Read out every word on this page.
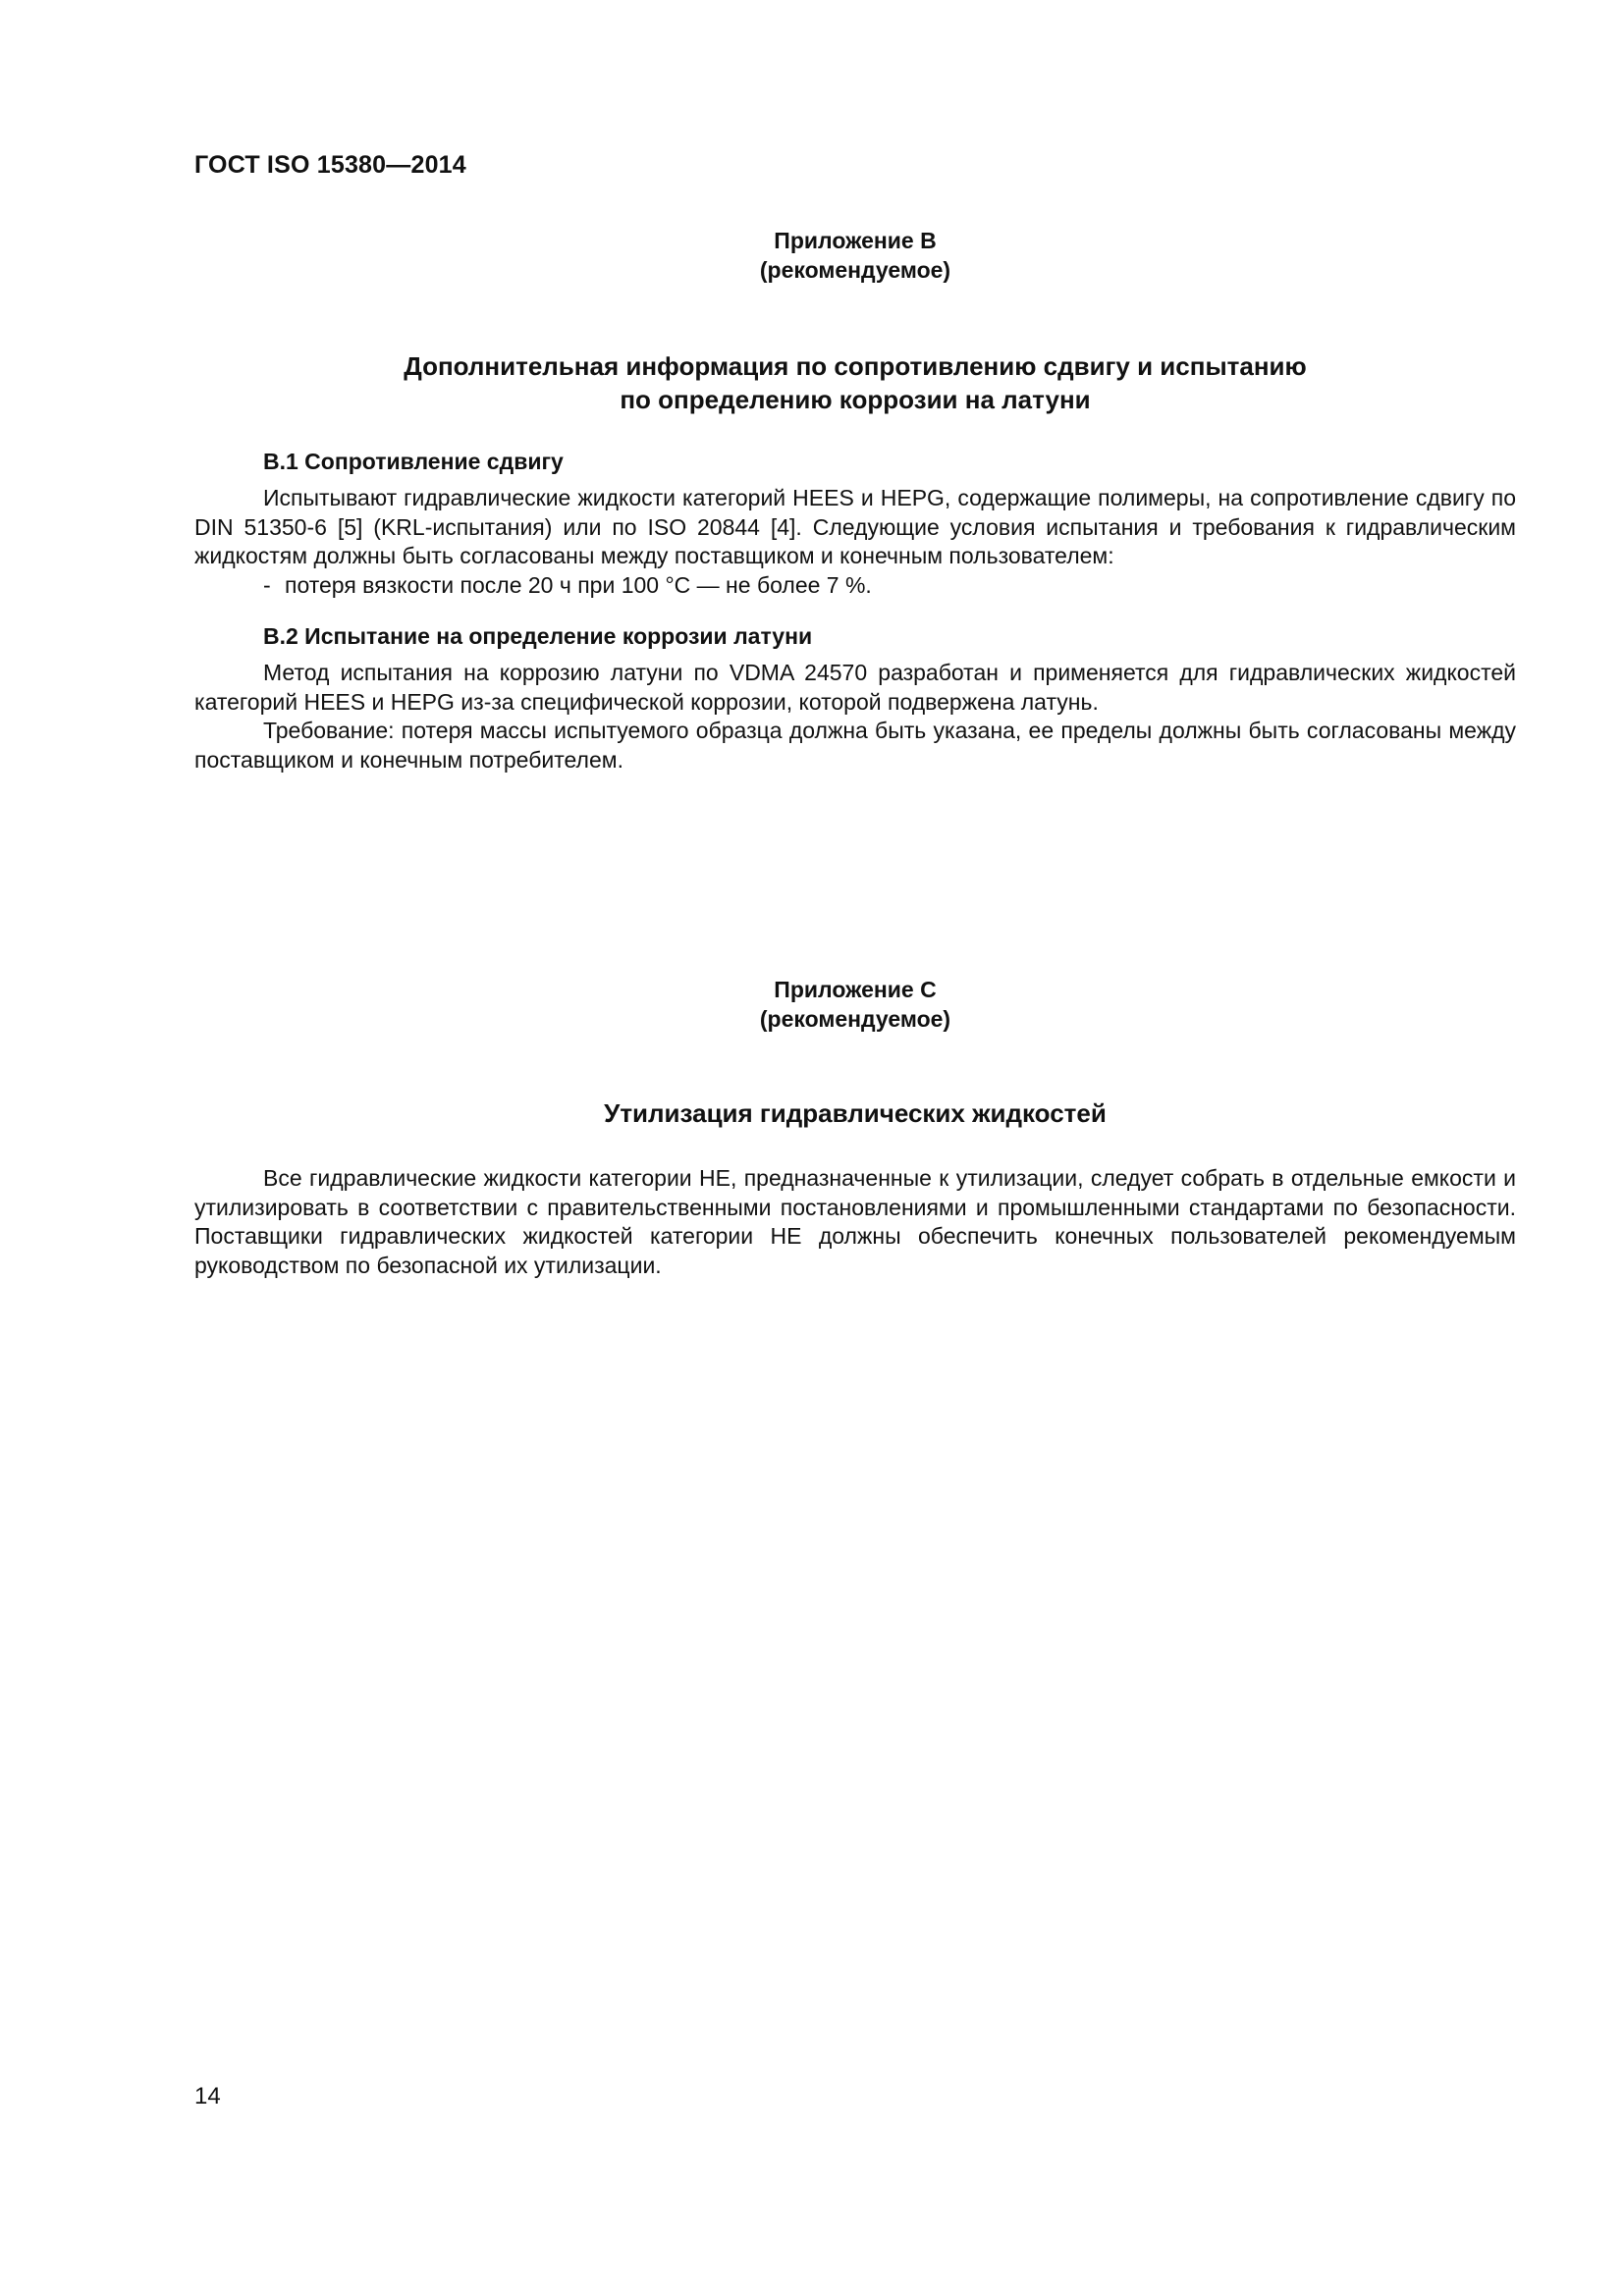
ГОСТ ISO 15380—2014
Приложение В
(рекомендуемое)
Дополнительная информация по сопротивлению сдвигу и испытанию
по определению коррозии на латуни

В.1 Сопротивление сдвигу

Испытывают гидравлические жидкости категорий HEES и HEPG, содержащие полимеры, на сопротивление сдвигу по DIN 51350-6 [5] (KRL-испытания) или по ISO 20844 [4]. Следующие условия испытания и требования к гидравлическим жидкостям должны быть согласованы между поставщиком и конечным пользователем:

- потеря вязкости после 20 ч при 100 °С — не более 7 %.

В.2 Испытание на определение коррозии латуни

Метод испытания на коррозию латуни по VDMA 24570 разработан и применяется для гидравлических жидкостей категорий HEES и HEPG из-за специфической коррозии, которой подвержена латунь.

Требование: потеря массы испытуемого образца должна быть указана, ее пределы должны быть согласованы между поставщиком и конечным потребителем.

Приложение С
(рекомендуемое)
Утилизация гидравлических жидкостей

Все гидравлические жидкости категории НЕ, предназначенные к утилизации, следует собрать в отдельные емкости и утилизировать в соответствии с правительственными постановлениями и промышленными стандартами по безопасности. Поставщики гидравлических жидкостей категории НЕ должны обеспечить конечных пользователей рекомендуемым руководством по безопасной их утилизации.

14
